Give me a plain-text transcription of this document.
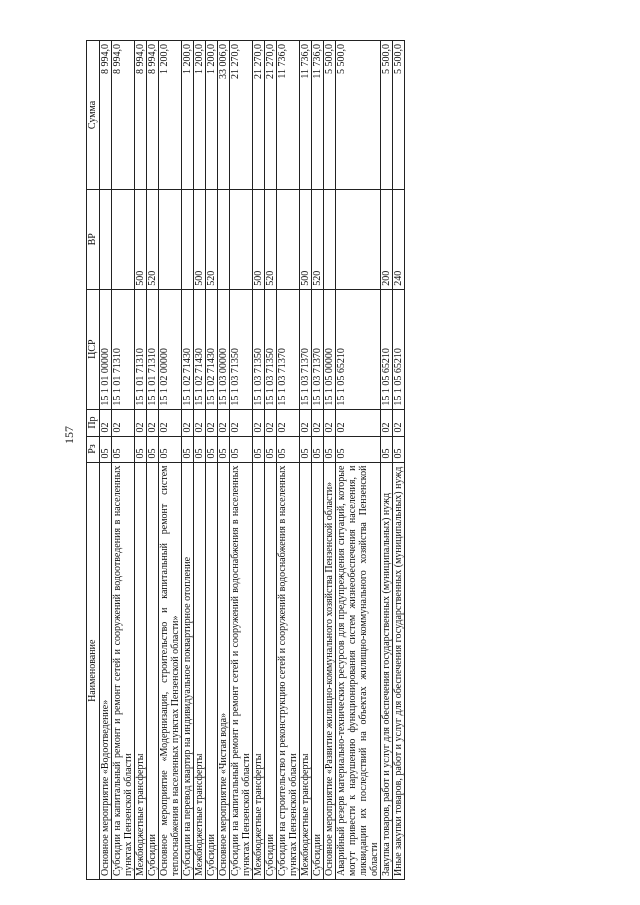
157
Наименование	Рз	Пр	ЦСР	ВР	Сумма
Основное мероприятие «Водоотведение»	05	02	15 1 01 00000		8 994,0
Субсидии на капитальный ремонт и ремонт сетей и сооружений водоотведения в населенных пунктах Пензенской области	05	02	15 1 01 71310		8 994,0
Межбюджетные трансферты	05	02	15 1 01 71310	500	8 994,0
Субсидии	05	02	15 1 01 71310	520	8 994,0
Основное мероприятие «Модернизация, строительство и капитальный ремонт систем теплоснабжения в населенных пунктах Пензенской области»	05	02	15 1 02 00000		1 200,0
Субсидии на перевод квартир на индивидуальное поквартирное отопление	05	02	15 1 02 71430		1 200,0
Межбюджетные трансферты	05	02	15 1 02 71430	500	1 200,0
Субсидии	05	02	15 1 02 71430	520	1 200,0
Основное мероприятие «Чистая вода»	05	02	15 1 03 00000		33 006,0
Субсидии на капитальный ремонт и ремонт сетей и сооружений водоснабжения в населенных пунктах Пензенской области	05	02	15 1 03 71350		21 270,0
Межбюджетные трансферты	05	02	15 1 03 71350	500	21 270,0
Субсидии	05	02	15 1 03 71350	520	21 270,0
Субсидии на строительство и реконструкцию сетей и сооружений водоснабжения в населенных пунктах Пензенской области	05	02	15 1 03 71370		11 736,0
Межбюджетные трансферты	05	02	15 1 03 71370	500	11 736,0
Субсидии	05	02	15 1 03 71370	520	11 736,0
Основное мероприятие «Развитие жилищно-коммунального хозяйства Пензенской области»	05	02	15 1 05 00000		5 500,0
Аварийный резерв материально-технических ресурсов для предупреждения ситуаций, которые могут привести к нарушению функционирования систем жизнеобеспечения населения, и ликвидации их последствий на объектах жилищно-коммунального хозяйства Пензенской области	05	02	15 1 05 65210		5 500,0
Закупка товаров, работ и услуг для обеспечения государственных (муниципальных) нужд	05	02	15 1 05 65210	200	5 500,0
Иные закупки товаров, работ и услуг для обеспечения государственных (муниципальных) нужд	05	02	15 1 05 65210	240	5 500,0
